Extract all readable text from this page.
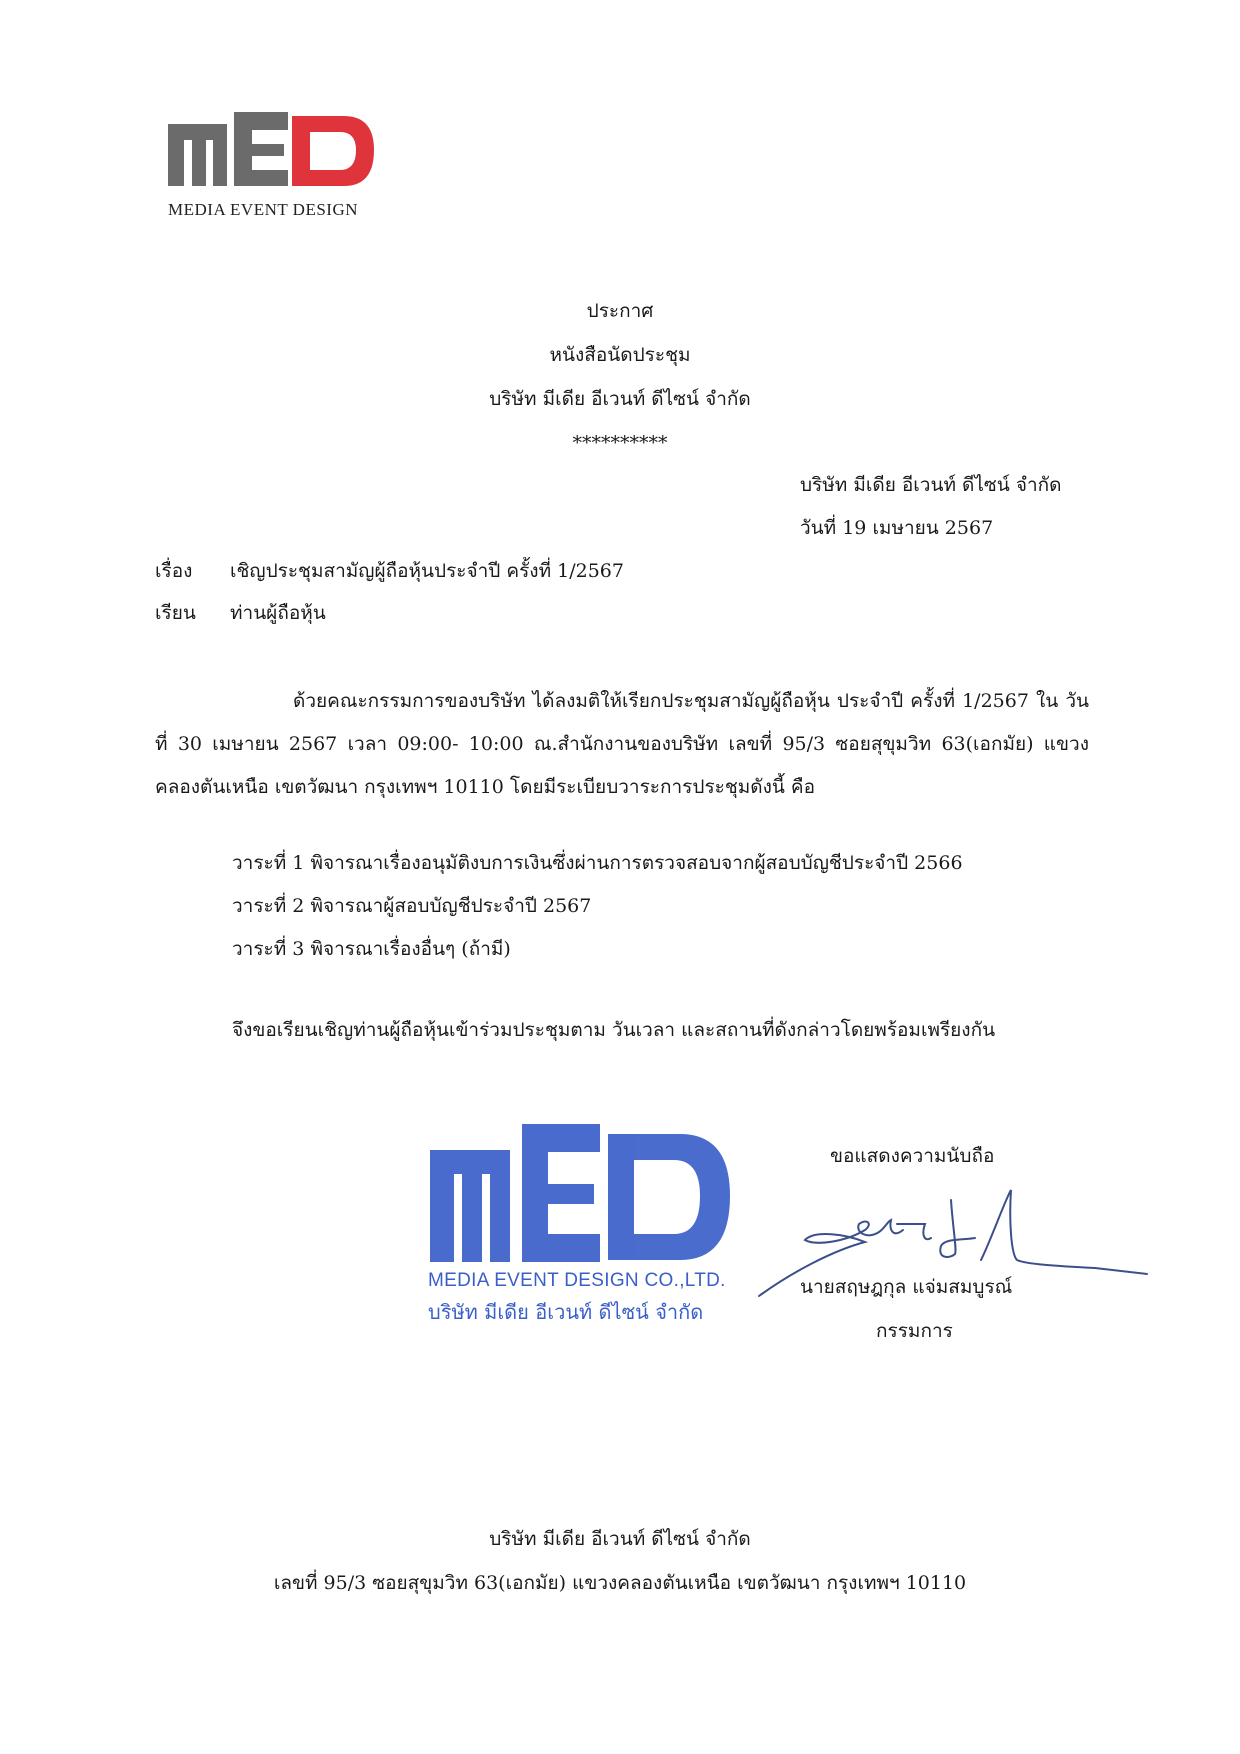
MEDIA EVENT DESIGN
ประกาศ
หนังสือนัดประชุม
บริษัท มีเดีย อีเวนท์ ดีไซน์ จำกัด
**********
บริษัท มีเดีย อีเวนท์ ดีไซน์ จำกัด
วันที่ 19 เมษายน 2567
เรื่อง เชิญประชุมสามัญผู้ถือหุ้นประจำปี ครั้งที่ 1/2567
เรียน ท่านผู้ถือหุ้น
ด้วยคณะกรรมการของบริษัท ได้ลงมติให้เรียกประชุมสามัญผู้ถือหุ้น ประจำปี ครั้งที่ 1/2567 ใน วันที่ 30 เมษายน 2567 เวลา 09:00- 10:00 ณ.สำนักงานของบริษัท เลขที่ 95/3 ซอยสุขุมวิท 63(เอกมัย) แขวงคลองตันเหนือ เขตวัฒนา กรุงเทพฯ 10110 โดยมีระเบียบวาระการประชุมดังนี้ คือ
วาระที่ 1 พิจารณาเรื่องอนุมัติงบการเงินซึ่งผ่านการตรวจสอบจากผู้สอบบัญชีประจำปี 2566
วาระที่ 2 พิจารณาผู้สอบบัญชีประจำปี 2567
วาระที่ 3 พิจารณาเรื่องอื่นๆ (ถ้ามี)
จึงขอเรียนเชิญท่านผู้ถือหุ้นเข้าร่วมประชุมตาม วันเวลา และสถานที่ดังกล่าวโดยพร้อมเพรียงกัน
MEDIA EVENT DESIGN CO.,LTD.
บริษัท มีเดีย อีเวนท์ ดีไซน์ จำกัด
ขอแสดงความนับถือ
นายสฤษฎกุล แจ่มสมบูรณ์
กรรมการ
บริษัท มีเดีย อีเวนท์ ดีไซน์ จำกัด
เลขที่ 95/3 ซอยสุขุมวิท 63(เอกมัย) แขวงคลองตันเหนือ เขตวัฒนา กรุงเทพฯ 10110
